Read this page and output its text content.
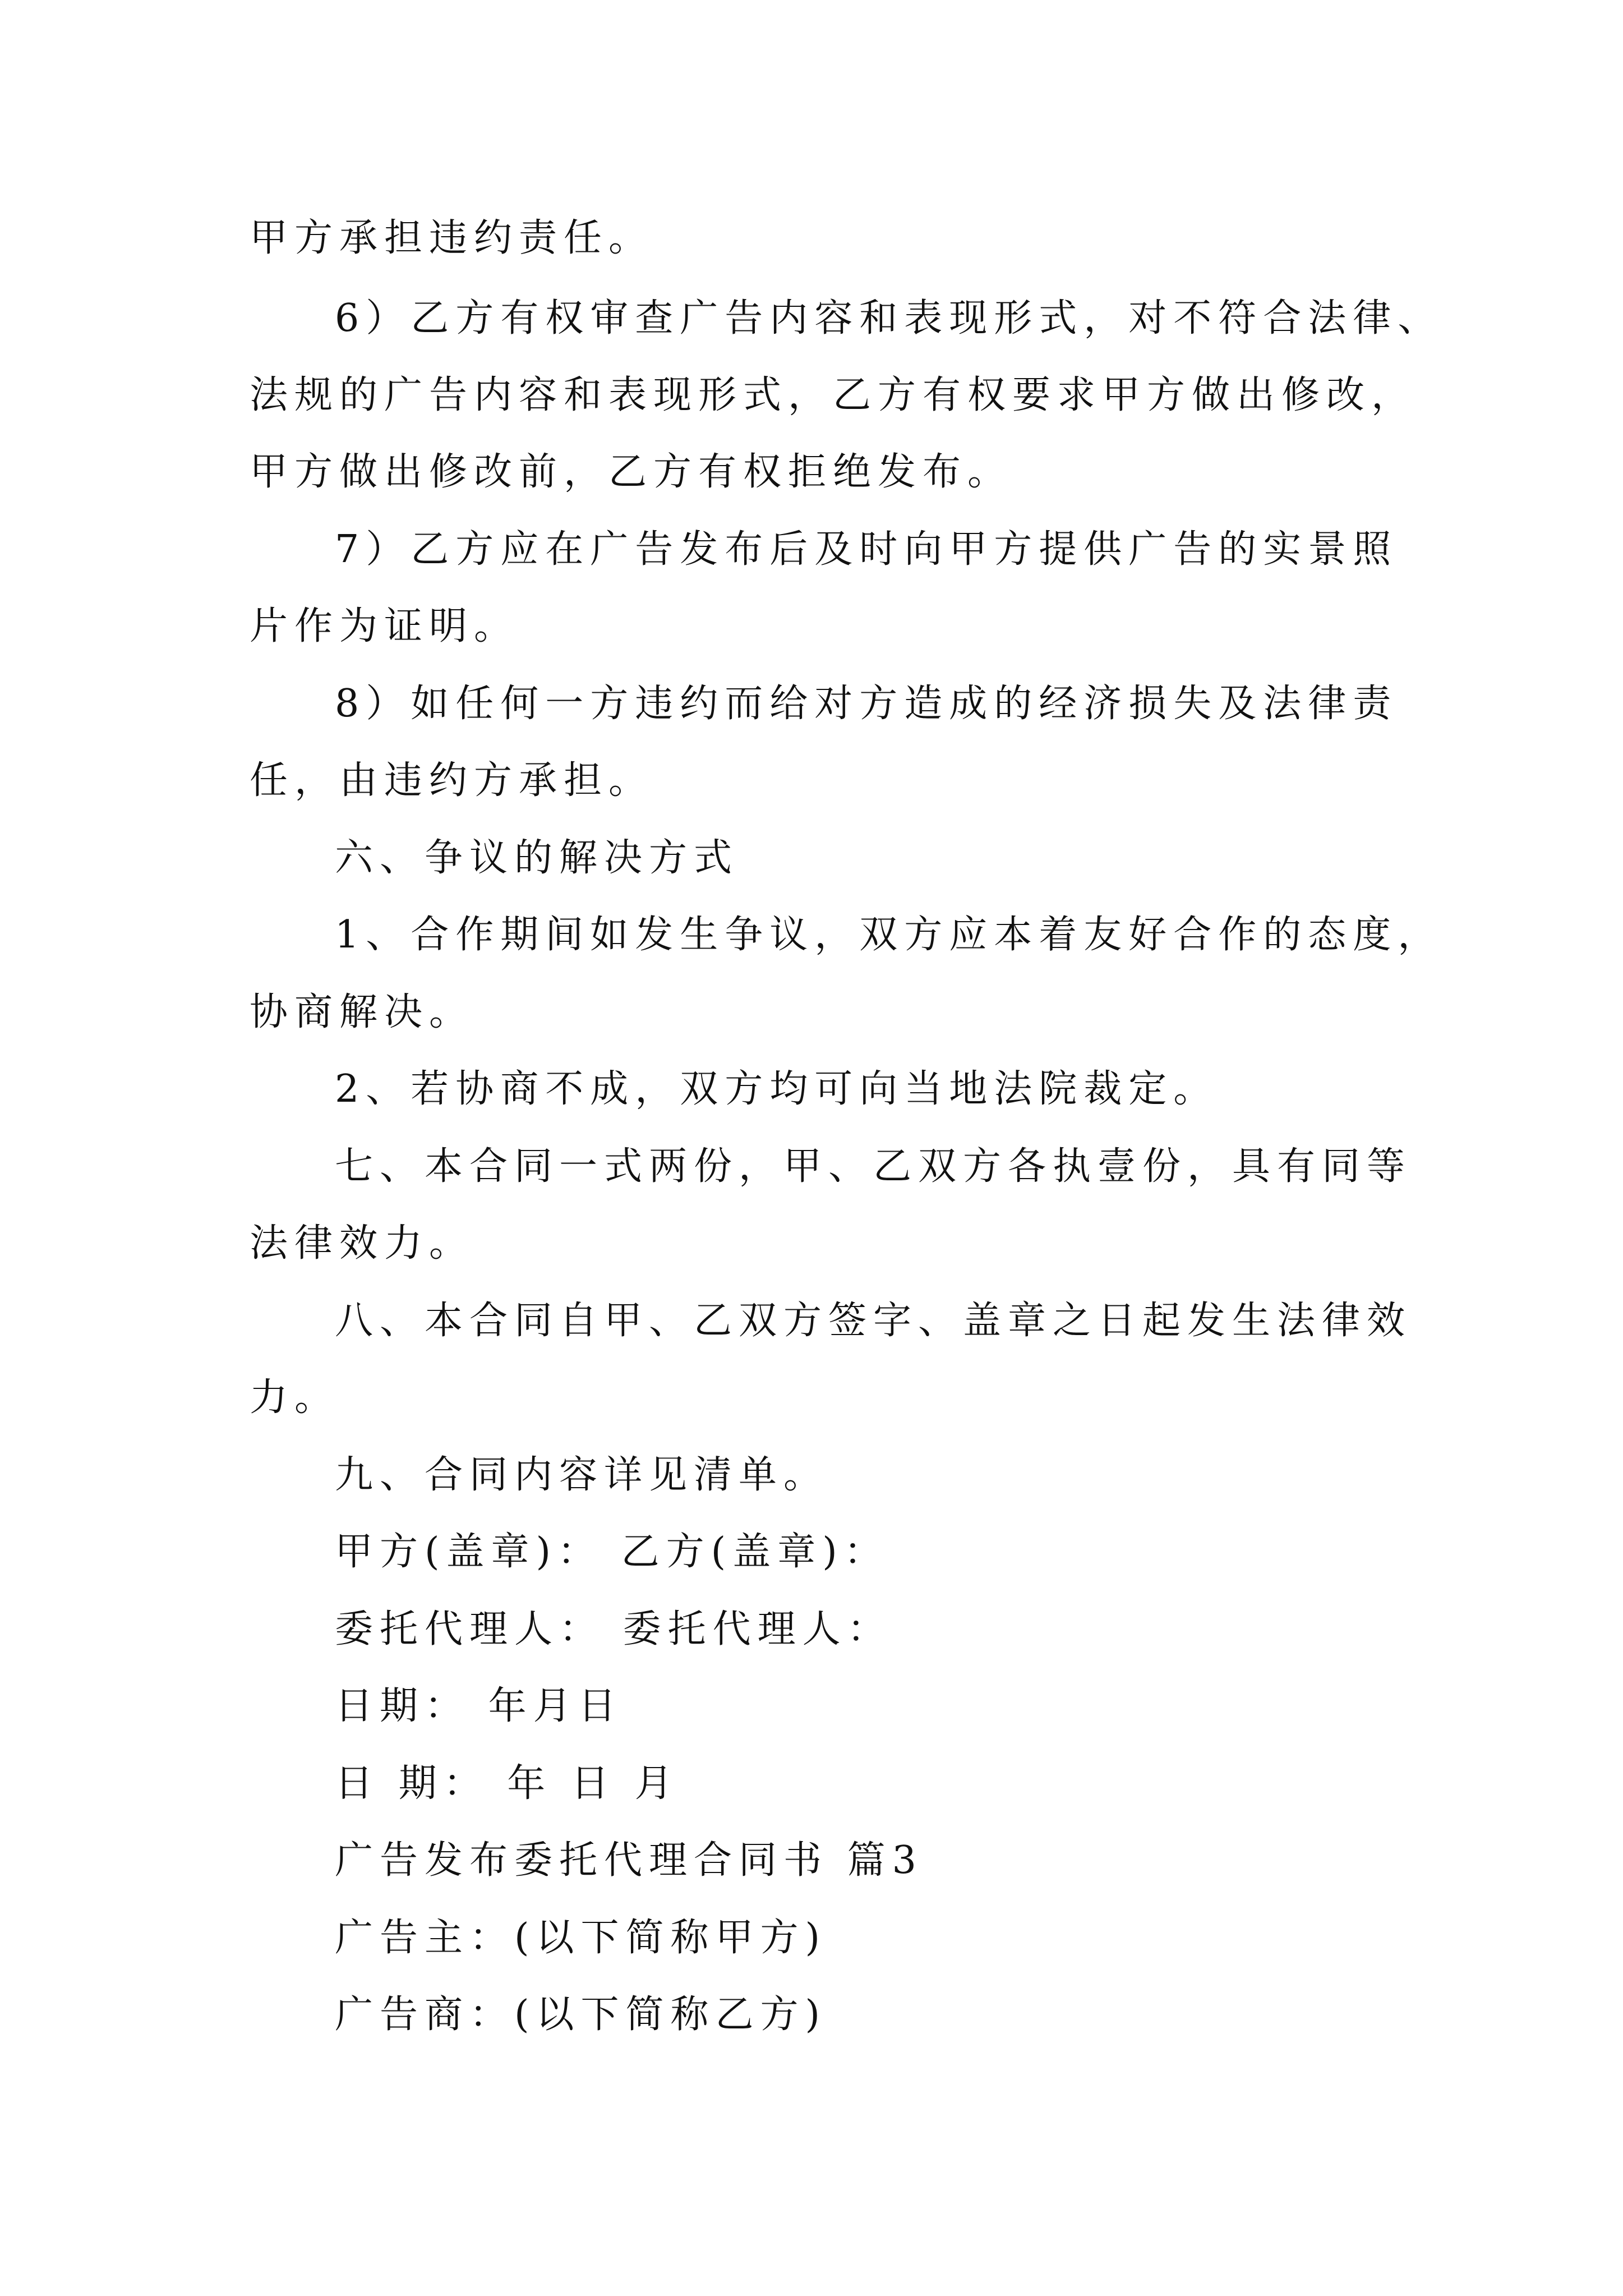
甲方承担违约责任。
6）乙方有权审查广告内容和表现形式，对不符合法律、
法规的广告内容和表现形式，乙方有权要求甲方做出修改，
甲方做出修改前，乙方有权拒绝发布。
7）乙方应在广告发布后及时向甲方提供广告的实景照
片作为证明。
8）如任何一方违约而给对方造成的经济损失及法律责
任，由违约方承担。
六、争议的解决方式
1、合作期间如发生争议，双方应本着友好合作的态度，
协商解决。
2、若协商不成，双方均可向当地法院裁定。
七、本合同一式两份，甲、乙双方各执壹份，具有同等
法律效力。
八、本合同自甲、乙双方签字、盖章之日起发生法律效
力。
九、合同内容详见清单。
甲方(盖章)： 乙方(盖章)：
委托代理人： 委托代理人：
日期： 年月日
日 期： 年 日 月
广告发布委托代理合同书 篇3
广告主：(以下简称甲方)
广告商：(以下简称乙方)
